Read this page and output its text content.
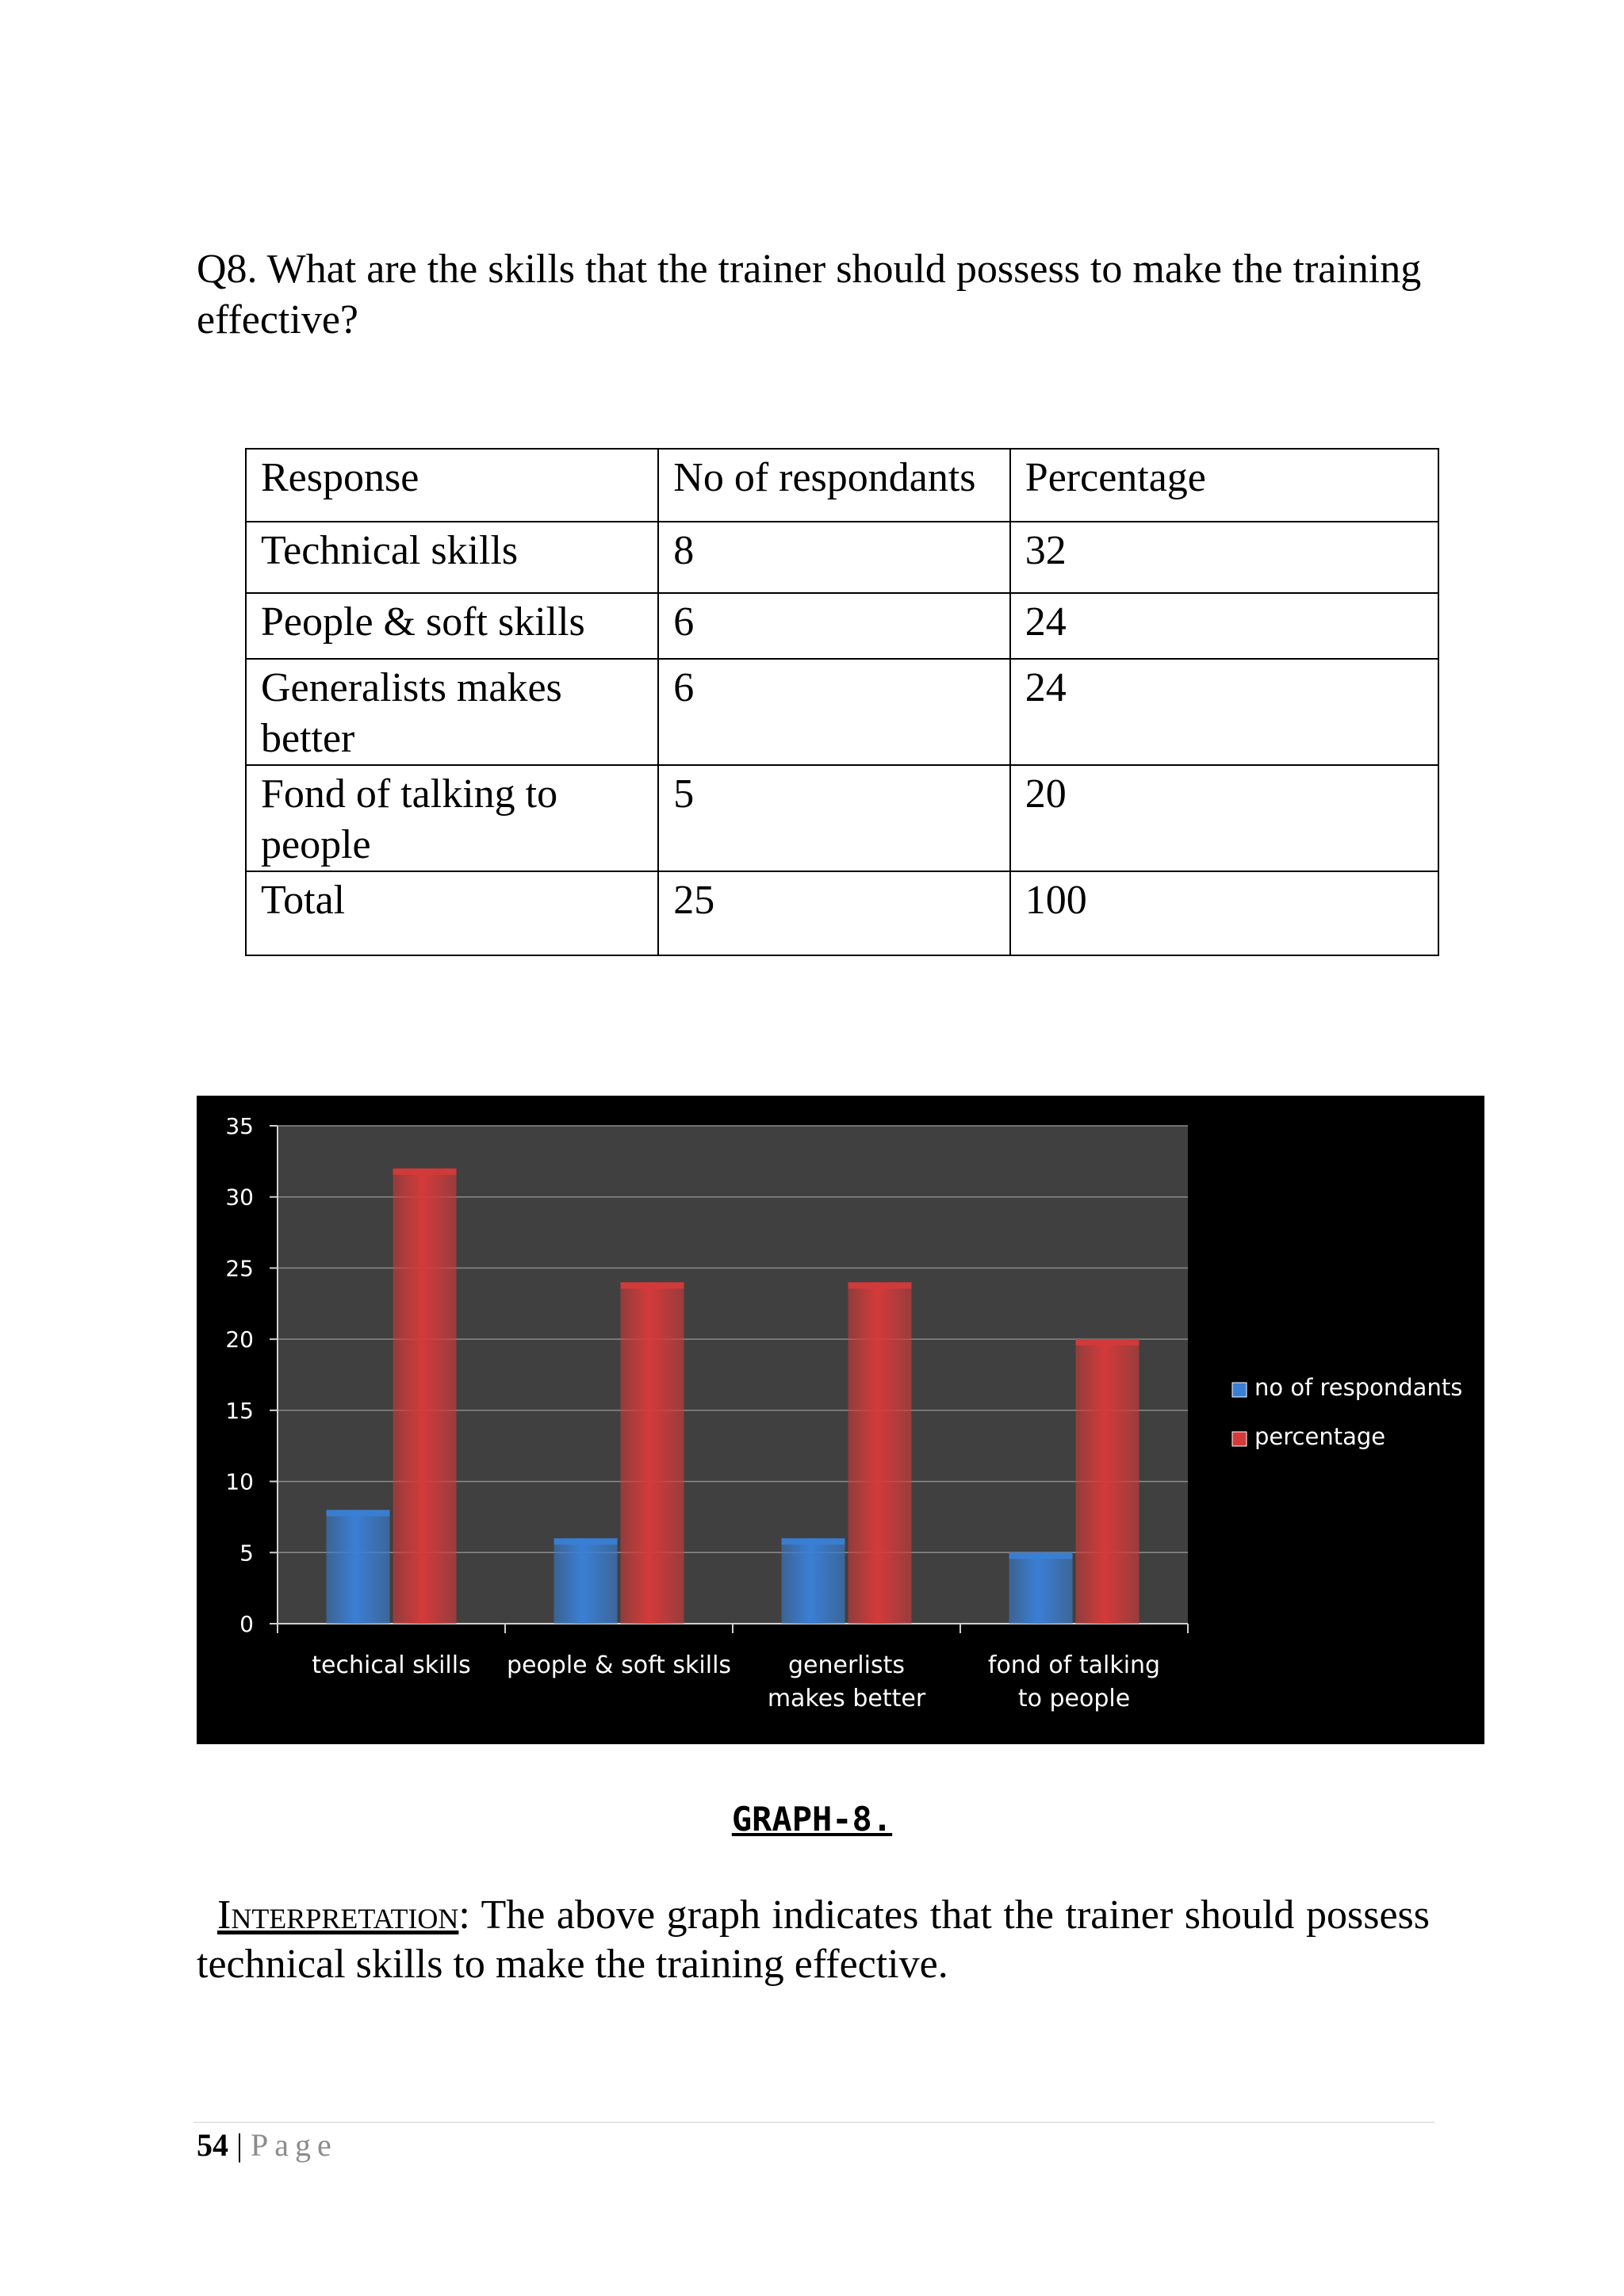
Q8. What are the skills that the trainer should possess to make the training effective?

Response	No of respondants	Percentage
Technical skills	8	32
People & soft skills	6	24
Generalists makes better	6	24
Fond of talking to people	5	20
Total	25	100
0
5
10
15
20
25
30
35
techical skills people & soft skills generlists
makes better
fond of talking
to people
no of respondants
percentage
GRAPH-8.

Interpretation: The above graph indicates that the trainer should possess technical skills to make the training effective.

54 | Page
